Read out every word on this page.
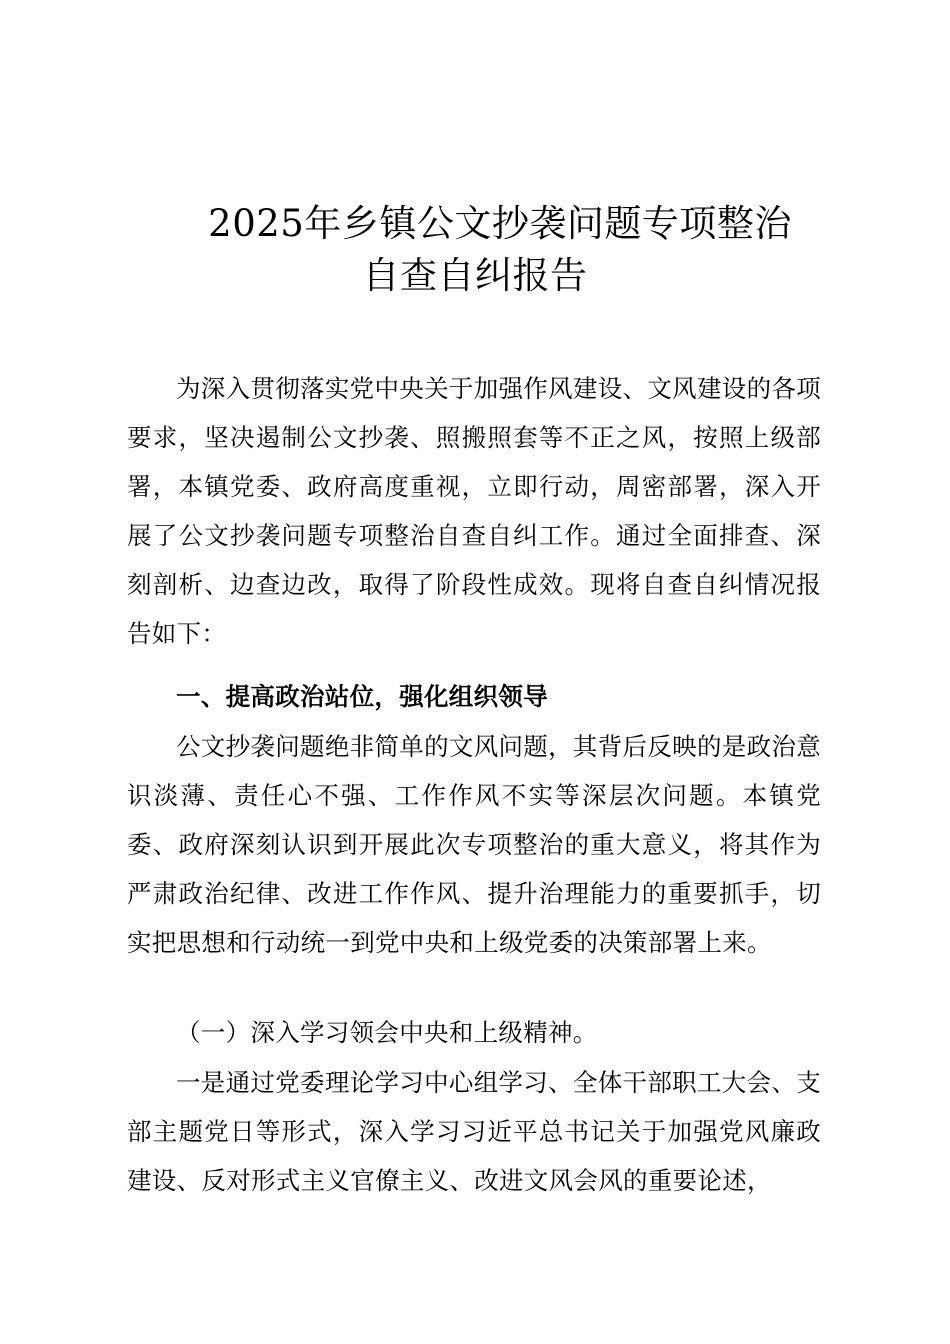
2025年乡镇公文抄袭问题专项整治
自查自纠报告
为深入贯彻落实党中央关于加强作风建设、文风建设的各项要求，坚决遏制公文抄袭、照搬照套等不正之风，按照上级部署，本镇党委、政府高度重视，立即行动，周密部署，深入开展了公文抄袭问题专项整治自查自纠工作。通过全面排查、深刻剖析、边查边改，取得了阶段性成效。现将自查自纠情况报告如下：
一、提高政治站位，强化组织领导
公文抄袭问题绝非简单的文风问题，其背后反映的是政治意识淡薄、责任心不强、工作作风不实等深层次问题。本镇党委、政府深刻认识到开展此次专项整治的重大意义，将其作为严肃政治纪律、改进工作作风、提升治理能力的重要抓手，切实把思想和行动统一到党中央和上级党委的决策部署上来。
（一）深入学习领会中央和上级精神。
一是通过党委理论学习中心组学习、全体干部职工大会、支部主题党日等形式，深入学习习近平总书记关于加强党风廉政建设、反对形式主义官僚主义、改进文风会风的重要论述，
